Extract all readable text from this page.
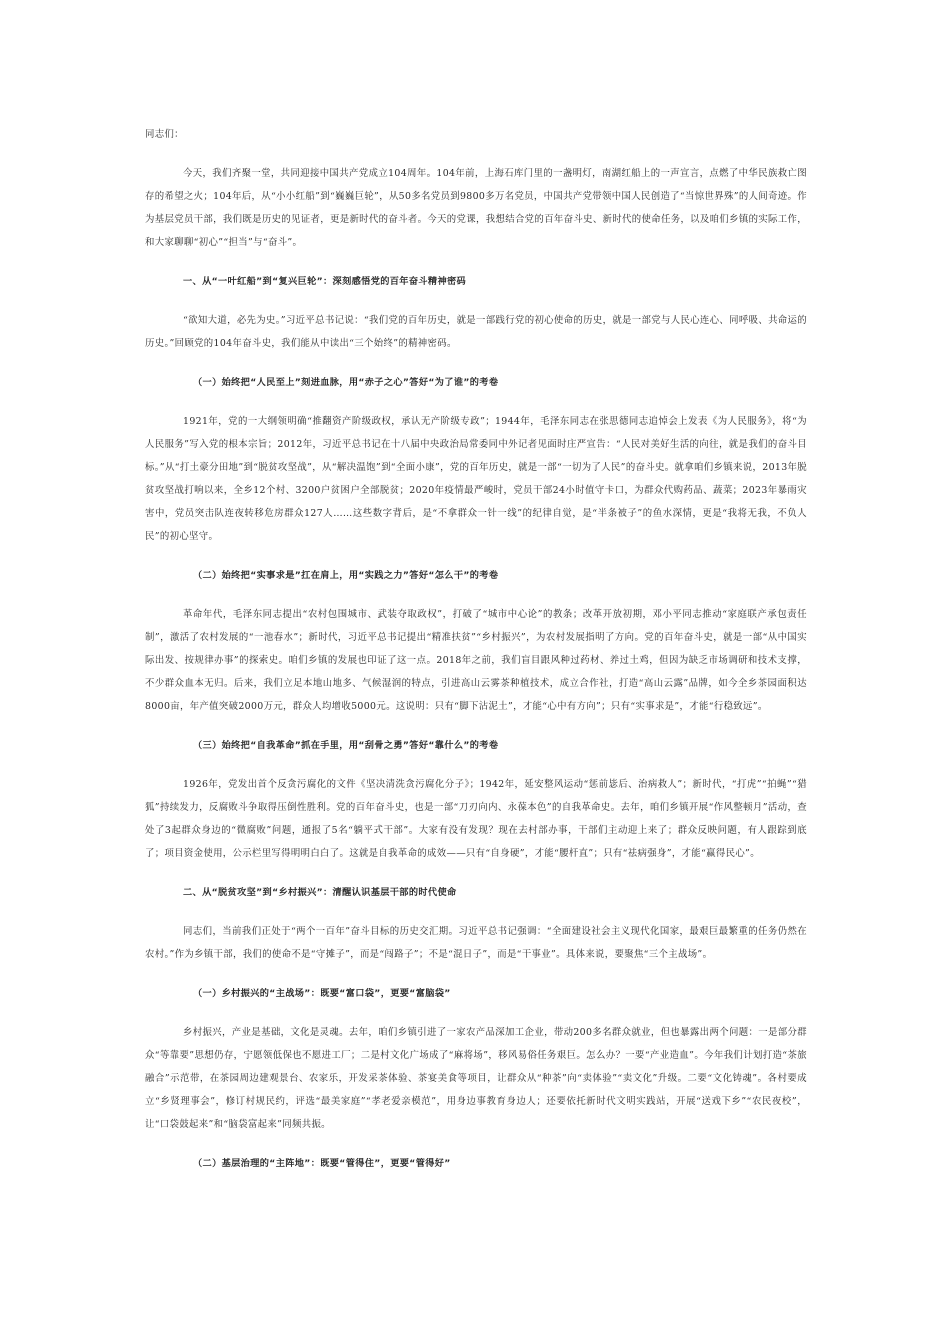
同志们：

今天，我们齐聚一堂，共同迎接中国共产党成立104周年。104年前，上海石库门里的一盏明灯，南湖红船上的一声宣言，点燃了中华民族救亡图存的希望之火；104年后，从“小小红船”到“巍巍巨轮”，从50多名党员到9800多万名党员，中国共产党带领中国人民创造了“当惊世界殊”的人间奇迹。作为基层党员干部，我们既是历史的见证者，更是新时代的奋斗者。今天的党课，我想结合党的百年奋斗史、新时代的使命任务，以及咱们乡镇的实际工作，和大家聊聊“初心”“担当”与“奋斗”。

一、从“一叶红船”到“复兴巨轮”：深刻感悟党的百年奋斗精神密码

“欲知大道，必先为史。”习近平总书记说：“我们党的百年历史，就是一部践行党的初心使命的历史，就是一部党与人民心连心、同呼吸、共命运的历史。”回顾党的104年奋斗史，我们能从中读出“三个始终”的精神密码。

（一）始终把“人民至上”刻进血脉，用“赤子之心”答好“为了谁”的考卷

1921年，党的一大纲领明确“推翻资产阶级政权，承认无产阶级专政”；1944年，毛泽东同志在张思德同志追悼会上发表《为人民服务》，将“为人民服务”写入党的根本宗旨；2012年，习近平总书记在十八届中央政治局常委同中外记者见面时庄严宣告：“人民对美好生活的向往，就是我们的奋斗目标。”从“打土豪分田地”到“脱贫攻坚战”，从“解决温饱”到“全面小康”，党的百年历史，就是一部“一切为了人民”的奋斗史。就拿咱们乡镇来说，2013年脱贫攻坚战打响以来，全乡12个村、3200户贫困户全部脱贫；2020年疫情最严峻时，党员干部24小时值守卡口，为群众代购药品、蔬菜；2023年暴雨灾害中，党员突击队连夜转移危房群众127人……这些数字背后，是“不拿群众一针一线”的纪律自觉，是“半条被子”的鱼水深情，更是“我将无我，不负人民”的初心坚守。

（二）始终把“实事求是”扛在肩上，用“实践之力”答好“怎么干”的考卷

革命年代，毛泽东同志提出“农村包围城市、武装夺取政权”，打破了“城市中心论”的教条；改革开放初期，邓小平同志推动“家庭联产承包责任制”，激活了农村发展的“一池春水”；新时代，习近平总书记提出“精准扶贫”“乡村振兴”，为农村发展指明了方向。党的百年奋斗史，就是一部“从中国实际出发、按规律办事”的探索史。咱们乡镇的发展也印证了这一点。2018年之前，我们盲目跟风种过药材、养过土鸡，但因为缺乏市场调研和技术支撑，不少群众血本无归。后来，我们立足本地山地多、气候湿润的特点，引进高山云雾茶种植技术，成立合作社，打造“高山云露”品牌，如今全乡茶园面积达8000亩，年产值突破2000万元，群众人均增收5000元。这说明：只有“脚下沾泥土”，才能“心中有方向”；只有“实事求是”，才能“行稳致远”。

（三）始终把“自我革命”抓在手里，用“刮骨之勇”答好“靠什么”的考卷

1926年，党发出首个反贪污腐化的文件《坚决清洗贪污腐化分子》；1942年，延安整风运动“惩前毖后、治病救人”；新时代，“打虎”“拍蝇”“猎狐”持续发力，反腐败斗争取得压倒性胜利。党的百年奋斗史，也是一部“刀刃向内、永葆本色”的自我革命史。去年，咱们乡镇开展“作风整顿月”活动，查处了3起群众身边的“微腐败”问题，通报了5名“躺平式干部”。大家有没有发现？现在去村部办事，干部们主动迎上来了；群众反映问题，有人跟踪到底了；项目资金使用，公示栏里写得明明白白了。这就是自我革命的成效——只有“自身硬”，才能“腰杆直”；只有“祛病强身”，才能“赢得民心”。

二、从“脱贫攻坚”到“乡村振兴”：清醒认识基层干部的时代使命

同志们，当前我们正处于“两个一百年”奋斗目标的历史交汇期。习近平总书记强调：“全面建设社会主义现代化国家，最艰巨最繁重的任务仍然在农村。”作为乡镇干部，我们的使命不是“守摊子”，而是“闯路子”；不是“混日子”，而是“干事业”。具体来说，要聚焦“三个主战场”。

（一）乡村振兴的“主战场”：既要“富口袋”，更要“富脑袋”

乡村振兴，产业是基础，文化是灵魂。去年，咱们乡镇引进了一家农产品深加工企业，带动200多名群众就业，但也暴露出两个问题：一是部分群众“等靠要”思想仍存，宁愿领低保也不愿进工厂；二是村文化广场成了“麻将场”，移风易俗任务艰巨。怎么办？一要“产业造血”。今年我们计划打造“茶旅融合”示范带，在茶园周边建观景台、农家乐，开发采茶体验、茶宴美食等项目，让群众从“种茶”向“卖体验”“卖文化”升级。二要“文化铸魂”。各村要成立“乡贤理事会”，修订村规民约，评选“最美家庭”“孝老爱亲模范”，用身边事教育身边人；还要依托新时代文明实践站，开展“送戏下乡”“农民夜校”，让“口袋鼓起来”和“脑袋富起来”同频共振。

（二）基层治理的“主阵地”：既要“管得住”，更要“管得好”
